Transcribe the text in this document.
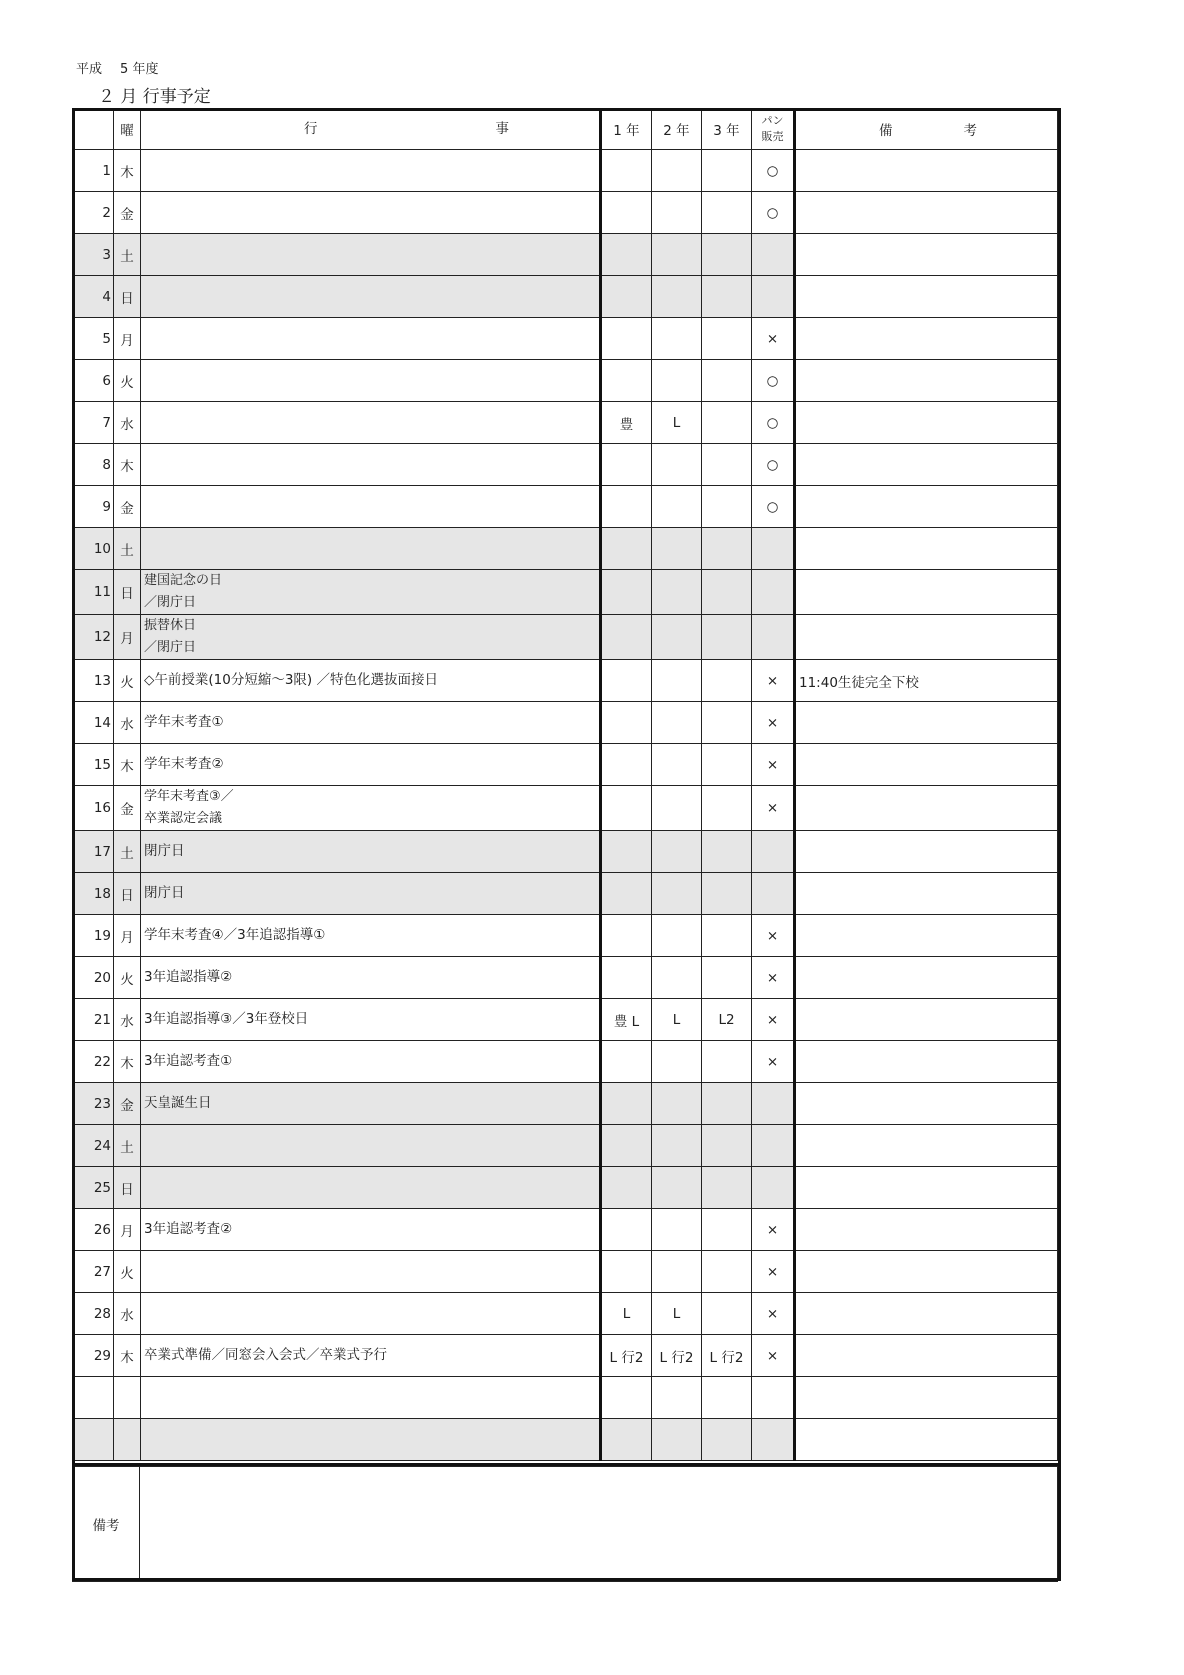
平成 5 年度
２ 月 行事予定
	曜	行 事	1 年	2 年	3 年	パン
販売	備 考

1	木					○	
2	金					○	
3	土						
4	日						
5	月					×	
6	火					○	
7	水		豊	L		○	
8	木					○	
9	金					○	
10	土						
11	日	建国記念の日
／閉庁日					

12	月	振替休日
／閉庁日					

13	火	◇午前授業(10分短縮～3限) ／特色化選抜面接日				×	11:40生徒完全下校
14	水	学年末考査①				×	
15	木	学年末考査②				×	
16	金	学年末考査③／
卒業認定会議				×	
17	土	閉庁日					
18	日	閉庁日					
19	月	学年末考査④／3年追認指導①				×	
20	火	3年追認指導②				×	
21	水	3年追認指導③／3年登校日	豊 L	L	L2	×	
22	木	3年追認考査①				×	
23	金	天皇誕生日					
24	土						
25	日						
26	月	3年追認考査②				×	
27	火					×	
28	水		L	L		×	
29	木	卒業式準備／同窓会入会式／卒業式予行	L 行2	L 行2	L 行2	×	

備考	
